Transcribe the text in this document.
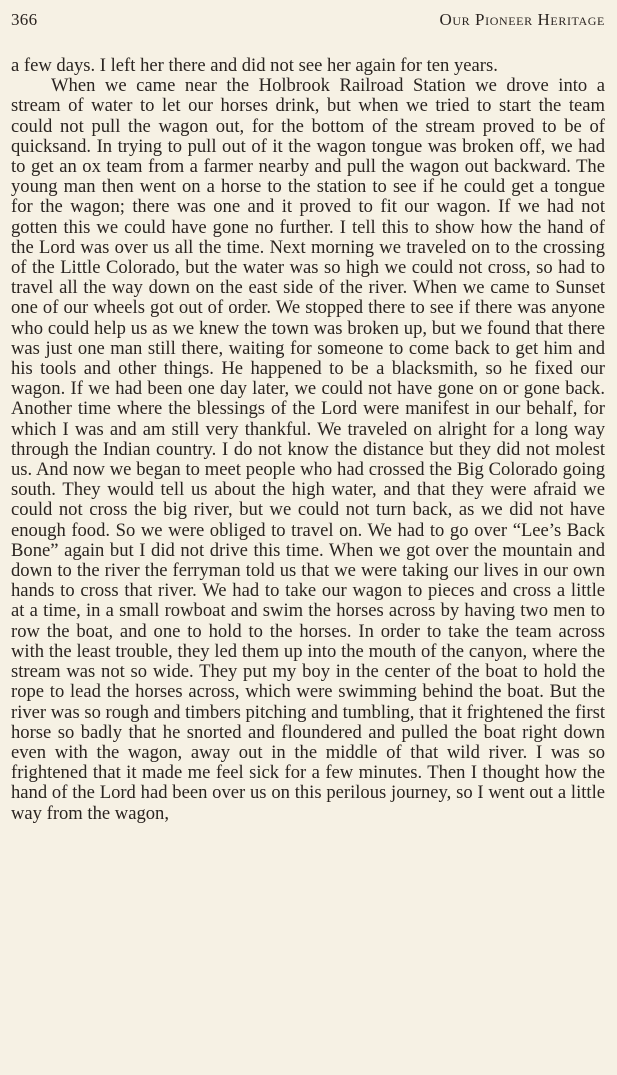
366	Our Pioneer Heritage

a few days. I left her there and did not see her again for ten years.

When we came near the Holbrook Railroad Station we drove into a stream of water to let our horses drink, but when we tried to start the team could not pull the wagon out, for the bottom of the stream proved to be of quicksand. In trying to pull out of it the wagon tongue was broken off, we had to get an ox team from a farmer nearby and pull the wagon out backward. The young man then went on a horse to the station to see if he could get a tongue for the wagon; there was one and it proved to fit our wagon. If we had not gotten this we could have gone no further. I tell this to show how the hand of the Lord was over us all the time. Next morning we traveled on to the crossing of the Little Colorado, but the water was so high we could not cross, so had to travel all the way down on the east side of the river. When we came to Sunset one of our wheels got out of order. We stopped there to see if there was anyone who could help us as we knew the town was broken up, but we found that there was just one man still there, waiting for someone to come back to get him and his tools and other things. He happened to be a blacksmith, so he fixed our wagon. If we had been one day later, we could not have gone on or gone back. Another time where the blessings of the Lord were manifest in our behalf, for which I was and am still very thankful. We traveled on alright for a long way through the Indian country. I do not know the distance but they did not molest us. And now we began to meet people who had crossed the Big Colorado going south. They would tell us about the high water, and that they were afraid we could not cross the big river, but we could not turn back, as we did not have enough food. So we were obliged to travel on. We had to go over “Lee’s Back Bone” again but I did not drive this time. When we got over the mountain and down to the river the ferryman told us that we were taking our lives in our own hands to cross that river. We had to take our wagon to pieces and cross a little at a time, in a small rowboat and swim the horses across by having two men to row the boat, and one to hold to the horses. In order to take the team across with the least trouble, they led them up into the mouth of the canyon, where the stream was not so wide. They put my boy in the center of the boat to hold the rope to lead the horses across, which were swimming behind the boat. But the river was so rough and timbers pitching and tumbling, that it frightened the first horse so badly that he snorted and floundered and pulled the boat right down even with the wagon, away out in the middle of that wild river. I was so frightened that it made me feel sick for a few minutes. Then I thought how the hand of the Lord had been over us on this perilous journey, so I went out a little way from the wagon,
